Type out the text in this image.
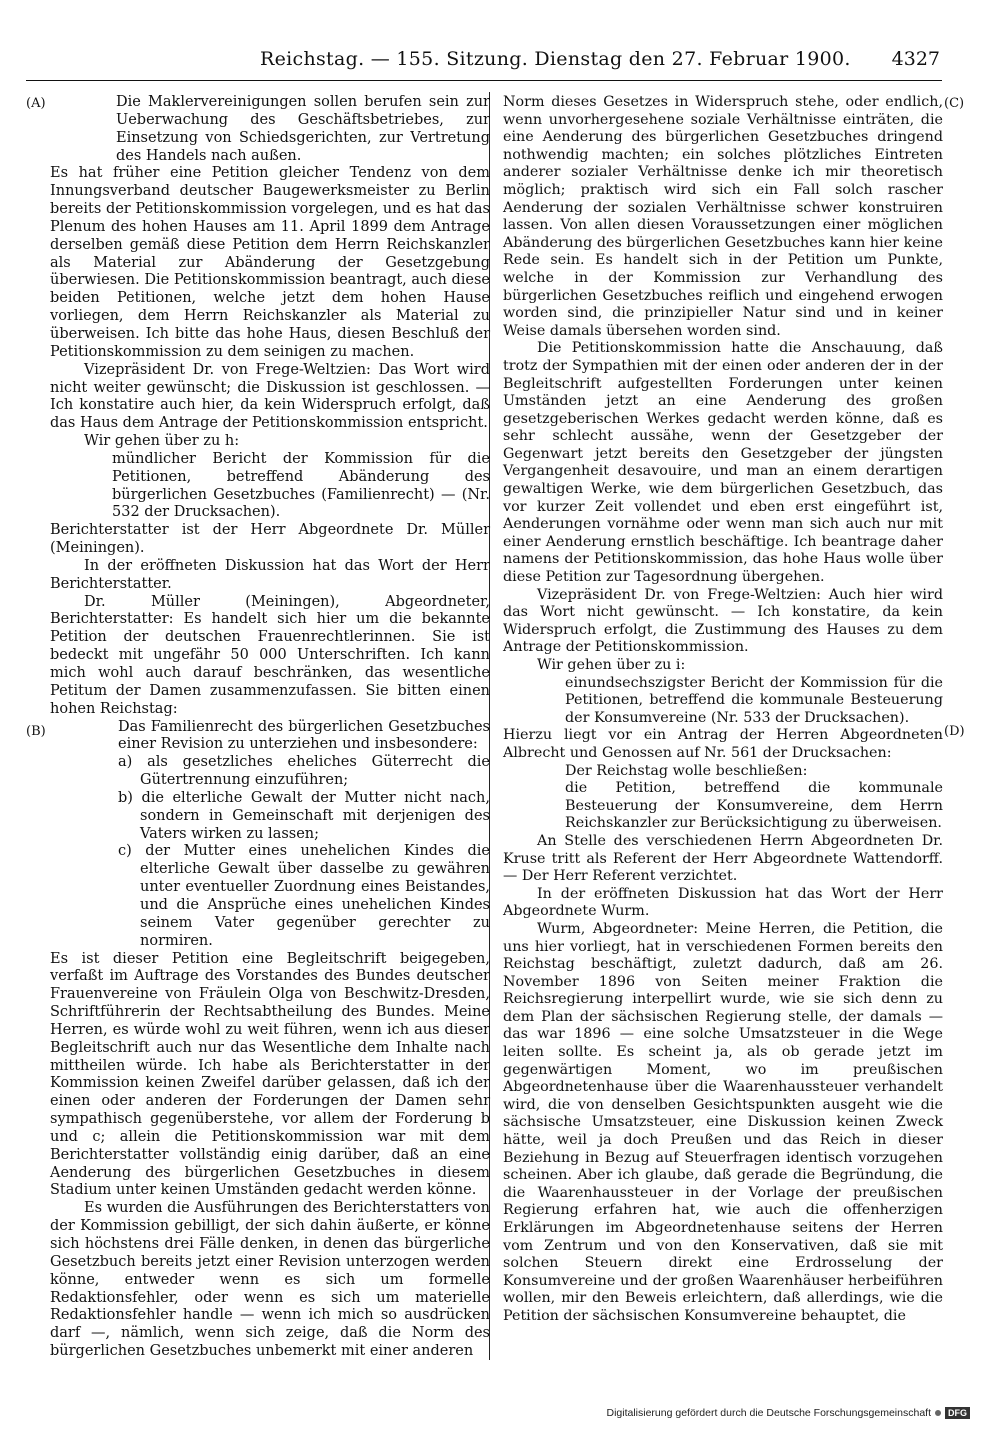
Reichstag. — 155. Sitzung. Dienstag den 27. Februar 1900. 4327
(A)
(B)
(C)
(D)

Die Maklervereinigungen sollen berufen sein zur Ueberwachung des Geschäftsbetriebes, zur Einsetzung von Schiedsgerichten, zur Vertretung des Handels nach außen.

Es hat früher eine Petition gleicher Tendenz von dem Innungsverband deutscher Baugewerksmeister zu Berlin bereits der Petitionskommission vorgelegen, und es hat das Plenum des hohen Hauses am 11. April 1899 dem Antrage derselben gemäß diese Petition dem Herrn Reichskanzler als Material zur Abänderung der Gesetzgebung überwiesen. Die Petitionskommission beantragt, auch diese beiden Petitionen, welche jetzt dem hohen Hause vorliegen, dem Herrn Reichskanzler als Material zu überweisen. Ich bitte das hohe Haus, diesen Beschluß der Petitionskommission zu dem seinigen zu machen.

Vizepräsident Dr. von Frege-Weltzien: Das Wort wird nicht weiter gewünscht; die Diskussion ist geschlossen. — Ich konstatire auch hier, da kein Widerspruch erfolgt, daß das Haus dem Antrage der Petitionskommission entspricht.

Wir gehen über zu h:

mündlicher Bericht der Kommission für die Petitionen, betreffend Abänderung des bürgerlichen Gesetzbuches (Familienrecht) — (Nr. 532 der Drucksachen).

Berichterstatter ist der Herr Abgeordnete Dr. Müller (Meiningen).

In der eröffneten Diskussion hat das Wort der Herr Berichterstatter.

Dr. Müller (Meiningen), Abgeordneter, Berichterstatter: Es handelt sich hier um die bekannte Petition der deutschen Frauenrechtlerinnen. Sie ist bedeckt mit ungefähr 50 000 Unterschriften. Ich kann mich wohl auch darauf beschränken, das wesentliche Petitum der Damen zusammenzufassen. Sie bitten einen hohen Reichstag:

Das Familienrecht des bürgerlichen Gesetzbuches einer Revision zu unterziehen und insbesondere:

a) als gesetzliches eheliches Güterrecht die Gütertrennung einzuführen;

b) die elterliche Gewalt der Mutter nicht nach, sondern in Gemeinschaft mit derjenigen des Vaters wirken zu lassen;

c) der Mutter eines unehelichen Kindes die elterliche Gewalt über dasselbe zu gewähren unter eventueller Zuordnung eines Beistandes, und die Ansprüche eines unehelichen Kindes seinem Vater gegenüber gerechter zu normiren.

Es ist dieser Petition eine Begleitschrift beigegeben, verfaßt im Auftrage des Vorstandes des Bundes deutscher Frauenvereine von Fräulein Olga von Beschwitz-Dresden, Schriftführerin der Rechtsabtheilung des Bundes. Meine Herren, es würde wohl zu weit führen, wenn ich aus dieser Begleitschrift auch nur das Wesentliche dem Inhalte nach mittheilen würde. Ich habe als Berichterstatter in der Kommission keinen Zweifel darüber gelassen, daß ich der einen oder anderen der Forderungen der Damen sehr sympathisch gegenüberstehe, vor allem der Forderung b und c; allein die Petitionskommission war mit dem Berichterstatter vollständig einig darüber, daß an eine Aenderung des bürgerlichen Gesetzbuches in diesem Stadium unter keinen Umständen gedacht werden könne.

Es wurden die Ausführungen des Berichterstatters von der Kommission gebilligt, der sich dahin äußerte, er könne sich höchstens drei Fälle denken, in denen das bürgerliche Gesetzbuch bereits jetzt einer Revision unterzogen werden könne, entweder wenn es sich um formelle Redaktionsfehler, oder wenn es sich um materielle Redaktionsfehler handle — wenn ich mich so ausdrücken darf —, nämlich, wenn sich zeige, daß die Norm des bürgerlichen Gesetzbuches unbemerkt mit einer anderen

Norm dieses Gesetzes in Widerspruch stehe, oder endlich, wenn unvorhergesehene soziale Verhältnisse einträten, die eine Aenderung des bürgerlichen Gesetzbuches dringend nothwendig machten; ein solches plötzliches Eintreten anderer sozialer Verhältnisse denke ich mir theoretisch möglich; praktisch wird sich ein Fall solch rascher Aenderung der sozialen Verhältnisse schwer konstruiren lassen. Von allen diesen Voraussetzungen einer möglichen Abänderung des bürgerlichen Gesetzbuches kann hier keine Rede sein. Es handelt sich in der Petition um Punkte, welche in der Kommission zur Verhandlung des bürgerlichen Gesetzbuches reiflich und eingehend erwogen worden sind, die prinzipieller Natur sind und in keiner Weise damals übersehen worden sind.

Die Petitionskommission hatte die Anschauung, daß trotz der Sympathien mit der einen oder anderen der in der Begleitschrift aufgestellten Forderungen unter keinen Umständen jetzt an eine Aenderung des großen gesetzgeberischen Werkes gedacht werden könne, daß es sehr schlecht aussähe, wenn der Gesetzgeber der Gegenwart jetzt bereits den Gesetzgeber der jüngsten Vergangenheit desavouire, und man an einem derartigen gewaltigen Werke, wie dem bürgerlichen Gesetzbuch, das vor kurzer Zeit vollendet und eben erst eingeführt ist, Aenderungen vornähme oder wenn man sich auch nur mit einer Aenderung ernstlich beschäftige. Ich beantrage daher namens der Petitionskommission, das hohe Haus wolle über diese Petition zur Tagesordnung übergehen.

Vizepräsident Dr. von Frege-Weltzien: Auch hier wird das Wort nicht gewünscht. — Ich konstatire, da kein Widerspruch erfolgt, die Zustimmung des Hauses zu dem Antrage der Petitionskommission.

Wir gehen über zu i:

einundsechszigster Bericht der Kommission für die Petitionen, betreffend die kommunale Besteuerung der Konsumvereine (Nr. 533 der Drucksachen).

Hierzu liegt vor ein Antrag der Herren Abgeordneten Albrecht und Genossen auf Nr. 561 der Drucksachen:

Der Reichstag wolle beschließen:

die Petition, betreffend die kommunale Besteuerung der Konsumvereine, dem Herrn Reichskanzler zur Berücksichtigung zu überweisen.

An Stelle des verschiedenen Herrn Abgeordneten Dr. Kruse tritt als Referent der Herr Abgeordnete Wattendorff. — Der Herr Referent verzichtet.

In der eröffneten Diskussion hat das Wort der Herr Abgeordnete Wurm.

Wurm, Abgeordneter: Meine Herren, die Petition, die uns hier vorliegt, hat in verschiedenen Formen bereits den Reichstag beschäftigt, zuletzt dadurch, daß am 26. November 1896 von Seiten meiner Fraktion die Reichsregierung interpellirt wurde, wie sie sich denn zu dem Plan der sächsischen Regierung stelle, der damals — das war 1896 — eine solche Umsatzsteuer in die Wege leiten sollte. Es scheint ja, als ob gerade jetzt im gegenwärtigen Moment, wo im preußischen Abgeordnetenhause über die Waarenhaussteuer verhandelt wird, die von denselben Gesichtspunkten ausgeht wie die sächsische Umsatzsteuer, eine Diskussion keinen Zweck hätte, weil ja doch Preußen und das Reich in dieser Beziehung in Bezug auf Steuerfragen identisch vorzugehen scheinen. Aber ich glaube, daß gerade die Begründung, die die Waarenhaussteuer in der Vorlage der preußischen Regierung erfahren hat, wie auch die offenherzigen Erklärungen im Abgeordnetenhause seitens der Herren vom Zentrum und von den Konservativen, daß sie mit solchen Steuern direkt eine Erdrosselung der Konsumvereine und der großen Waarenhäuser herbeiführen wollen, mir den Beweis erleichtern, daß allerdings, wie die Petition der sächsischen Konsumvereine behauptet, die

Digitalisierung gefördert durch die Deutsche Forschungsgemeinschaft	DFG
